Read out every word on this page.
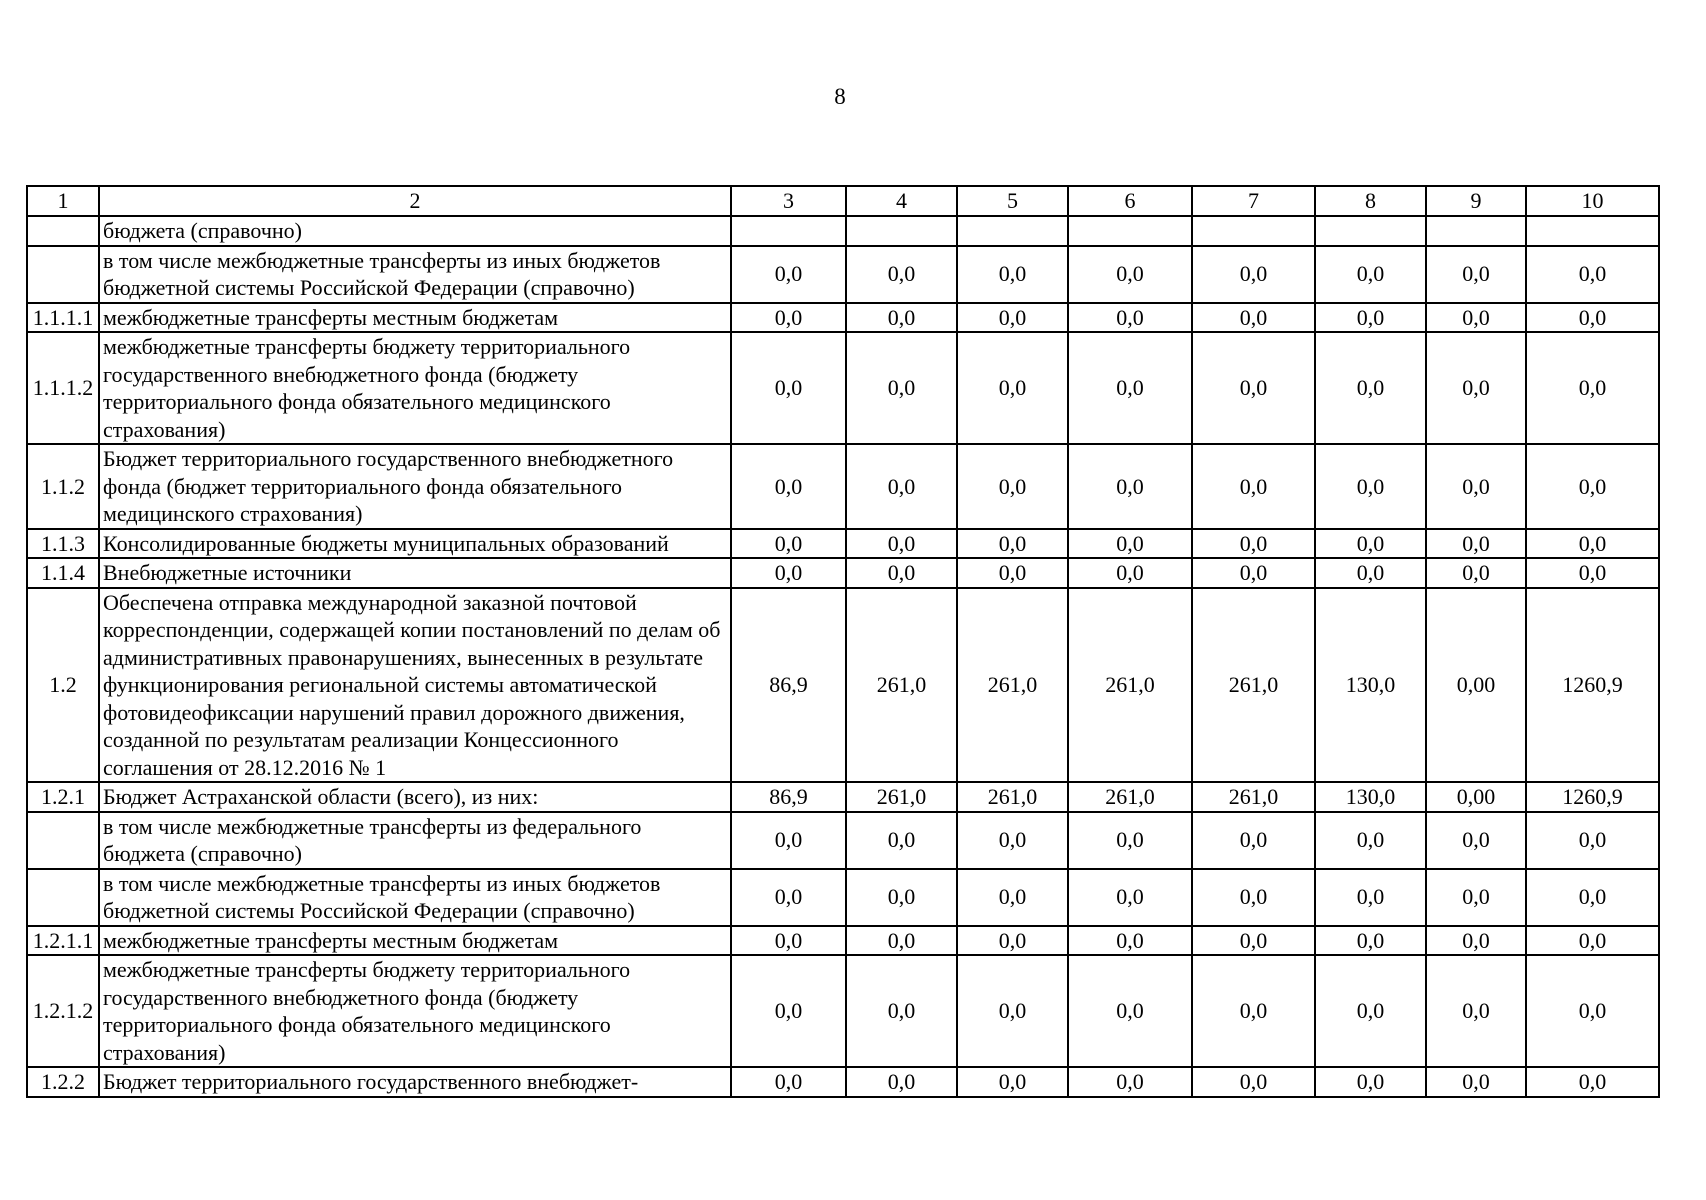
8
1	2	3	4	5	6	7	8	9	10
	бюджета (справочно)								
	в том числе межбюджетные трансферты из иных бюджетов бюджетной системы Российской Федерации (справочно)	0,0	0,0	0,0	0,0	0,0	0,0	0,0	0,0
1.1.1.1	межбюджетные трансферты местным бюджетам	0,0	0,0	0,0	0,0	0,0	0,0	0,0	0,0
1.1.1.2	межбюджетные трансферты бюджету территориального государственного внебюджетного фонда (бюджету территориального фонда обязательного медицинского страхования)	0,0	0,0	0,0	0,0	0,0	0,0	0,0	0,0
1.1.2	Бюджет территориального государственного внебюджетного фонда (бюджет территориального фонда обязательного медицинского страхования)	0,0	0,0	0,0	0,0	0,0	0,0	0,0	0,0
1.1.3	Консолидированные бюджеты муниципальных образований	0,0	0,0	0,0	0,0	0,0	0,0	0,0	0,0
1.1.4	Внебюджетные источники	0,0	0,0	0,0	0,0	0,0	0,0	0,0	0,0
1.2	Обеспечена отправка международной заказной почтовой корреспонденции, содержащей копии постановлений по делам об административных правонарушениях, вынесенных в результате функционирования региональной системы автоматической фотовидеофиксации нарушений правил дорожного движения, созданной по результатам реализации Концессионного соглашения от 28.12.2016 № 1	86,9	261,0	261,0	261,0	261,0	130,0	0,00	1260,9
1.2.1	Бюджет Астраханской области (всего), из них:	86,9	261,0	261,0	261,0	261,0	130,0	0,00	1260,9
	в том числе межбюджетные трансферты из федерального бюджета (справочно)	0,0	0,0	0,0	0,0	0,0	0,0	0,0	0,0
	в том числе межбюджетные трансферты из иных бюджетов бюджетной системы Российской Федерации (справочно)	0,0	0,0	0,0	0,0	0,0	0,0	0,0	0,0
1.2.1.1	межбюджетные трансферты местным бюджетам	0,0	0,0	0,0	0,0	0,0	0,0	0,0	0,0
1.2.1.2	межбюджетные трансферты бюджету территориального государственного внебюджетного фонда (бюджету территориального фонда обязательного медицинского страхования)	0,0	0,0	0,0	0,0	0,0	0,0	0,0	0,0
1.2.2	Бюджет территориального государственного внебюджет-	0,0	0,0	0,0	0,0	0,0	0,0	0,0	0,0
